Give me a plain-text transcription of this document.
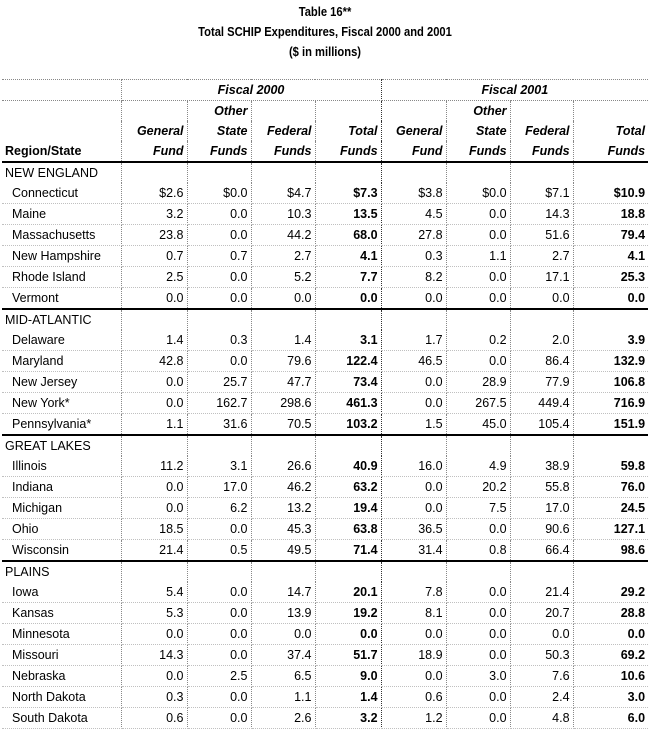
Table 16**
Total SCHIP Expenditures, Fiscal 2000 and 2001
($ in millions)
	Fiscal 2000				Fiscal 2001			
		Other				Other		
	General	State	Federal	Total	General	State	Federal	Total
Region/State	Fund	Funds	Funds	Funds	Fund	Funds	Funds	Funds
NEW ENGLAND								
Connecticut	$2.6	$0.0	$4.7	$7.3	$3.8	$0.0	$7.1	$10.9
Maine	3.2	0.0	10.3	13.5	4.5	0.0	14.3	18.8
Massachusetts	23.8	0.0	44.2	68.0	27.8	0.0	51.6	79.4
New Hampshire	0.7	0.7	2.7	4.1	0.3	1.1	2.7	4.1
Rhode Island	2.5	0.0	5.2	7.7	8.2	0.0	17.1	25.3
Vermont	0.0	0.0	0.0	0.0	0.0	0.0	0.0	0.0
MID-ATLANTIC								
Delaware	1.4	0.3	1.4	3.1	1.7	0.2	2.0	3.9
Maryland	42.8	0.0	79.6	122.4	46.5	0.0	86.4	132.9
New Jersey	0.0	25.7	47.7	73.4	0.0	28.9	77.9	106.8
New York*	0.0	162.7	298.6	461.3	0.0	267.5	449.4	716.9
Pennsylvania*	1.1	31.6	70.5	103.2	1.5	45.0	105.4	151.9
GREAT LAKES								
Illinois	11.2	3.1	26.6	40.9	16.0	4.9	38.9	59.8
Indiana	0.0	17.0	46.2	63.2	0.0	20.2	55.8	76.0
Michigan	0.0	6.2	13.2	19.4	0.0	7.5	17.0	24.5
Ohio	18.5	0.0	45.3	63.8	36.5	0.0	90.6	127.1
Wisconsin	21.4	0.5	49.5	71.4	31.4	0.8	66.4	98.6
PLAINS								
Iowa	5.4	0.0	14.7	20.1	7.8	0.0	21.4	29.2
Kansas	5.3	0.0	13.9	19.2	8.1	0.0	20.7	28.8
Minnesota	0.0	0.0	0.0	0.0	0.0	0.0	0.0	0.0
Missouri	14.3	0.0	37.4	51.7	18.9	0.0	50.3	69.2
Nebraska	0.0	2.5	6.5	9.0	0.0	3.0	7.6	10.6
North Dakota	0.3	0.0	1.1	1.4	0.6	0.0	2.4	3.0
South Dakota	0.6	0.0	2.6	3.2	1.2	0.0	4.8	6.0
